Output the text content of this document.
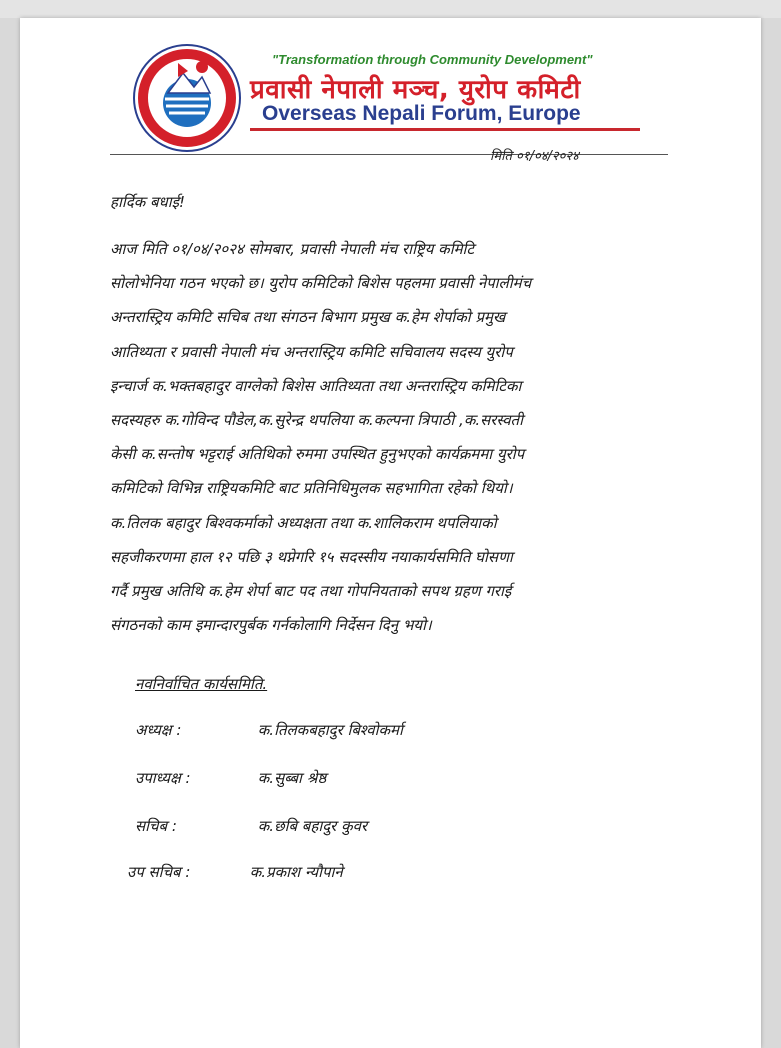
"Transformation through Community Development"
प्रवासी नेपाली मञ्च, युरोप कमिटी
Overseas Nepali Forum, Europe
मिति ०१/०४/२०२४
हार्दिक बधाई!
आज मिति ०१/०४/२०२४ सोमबार, प्रवासी नेपाली मंच राष्ट्रिय कमिटि
सोलोभेनिया गठन भएको छ। युरोप कमिटिको बिशेस पहलमा प्रवासी नेपालीमंच
अन्तरास्ट्रिय कमिटि सचिब तथा संगठन बिभाग प्रमुख क.हेम शेर्पाको प्रमुख
आतिथ्यता र प्रवासी नेपाली मंच अन्तरास्ट्रिय कमिटि सचिवालय सदस्य युरोप
इन्चार्ज क.भक्तबहादुर वाग्लेको बिशेस आतिथ्यता तथा अन्तरास्ट्रिय कमिटिका
सदस्यहरु क.गोविन्द पौडेल,क.सुरेन्द्र थपलिया क.कल्पना त्रिपाठी ,क.सरस्वती
केसी क.सन्तोष भट्टराई अतिथिको रुममा उपस्थित हुनुभएको कार्यक्रममा युरोप
कमिटिको विभिन्न राष्ट्रियकमिटि बाट प्रतिनिधिमुलक सहभागिता रहेको थियो।
क.तिलक बहादुर बिश्वकर्माको अध्यक्षता तथा क.शालिकराम थपलियाको
सहजीकरणमा हाल १२ पछि ३ थप्नेगरि १५ सदस्सीय नयाकार्यसमिति घोसणा
गर्दै प्रमुख अतिथि क.हेम शेर्पा बाट पद तथा गोपनियताको सपथ ग्रहण गराई
संगठनको काम इमान्दारपुर्बक गर्नकोलागि निर्देसन दिनु भयो।
नवनिर्वाचित कार्यसमिति.
अध्यक्ष :	क.तिलकबहादुर बिश्वोकर्मा
उपाध्यक्ष :	क.सुब्बा श्रेष्ठ
सचिब :	क.छबि बहादुर कुवर
उप सचिब :	क.प्रकाश न्यौपाने
